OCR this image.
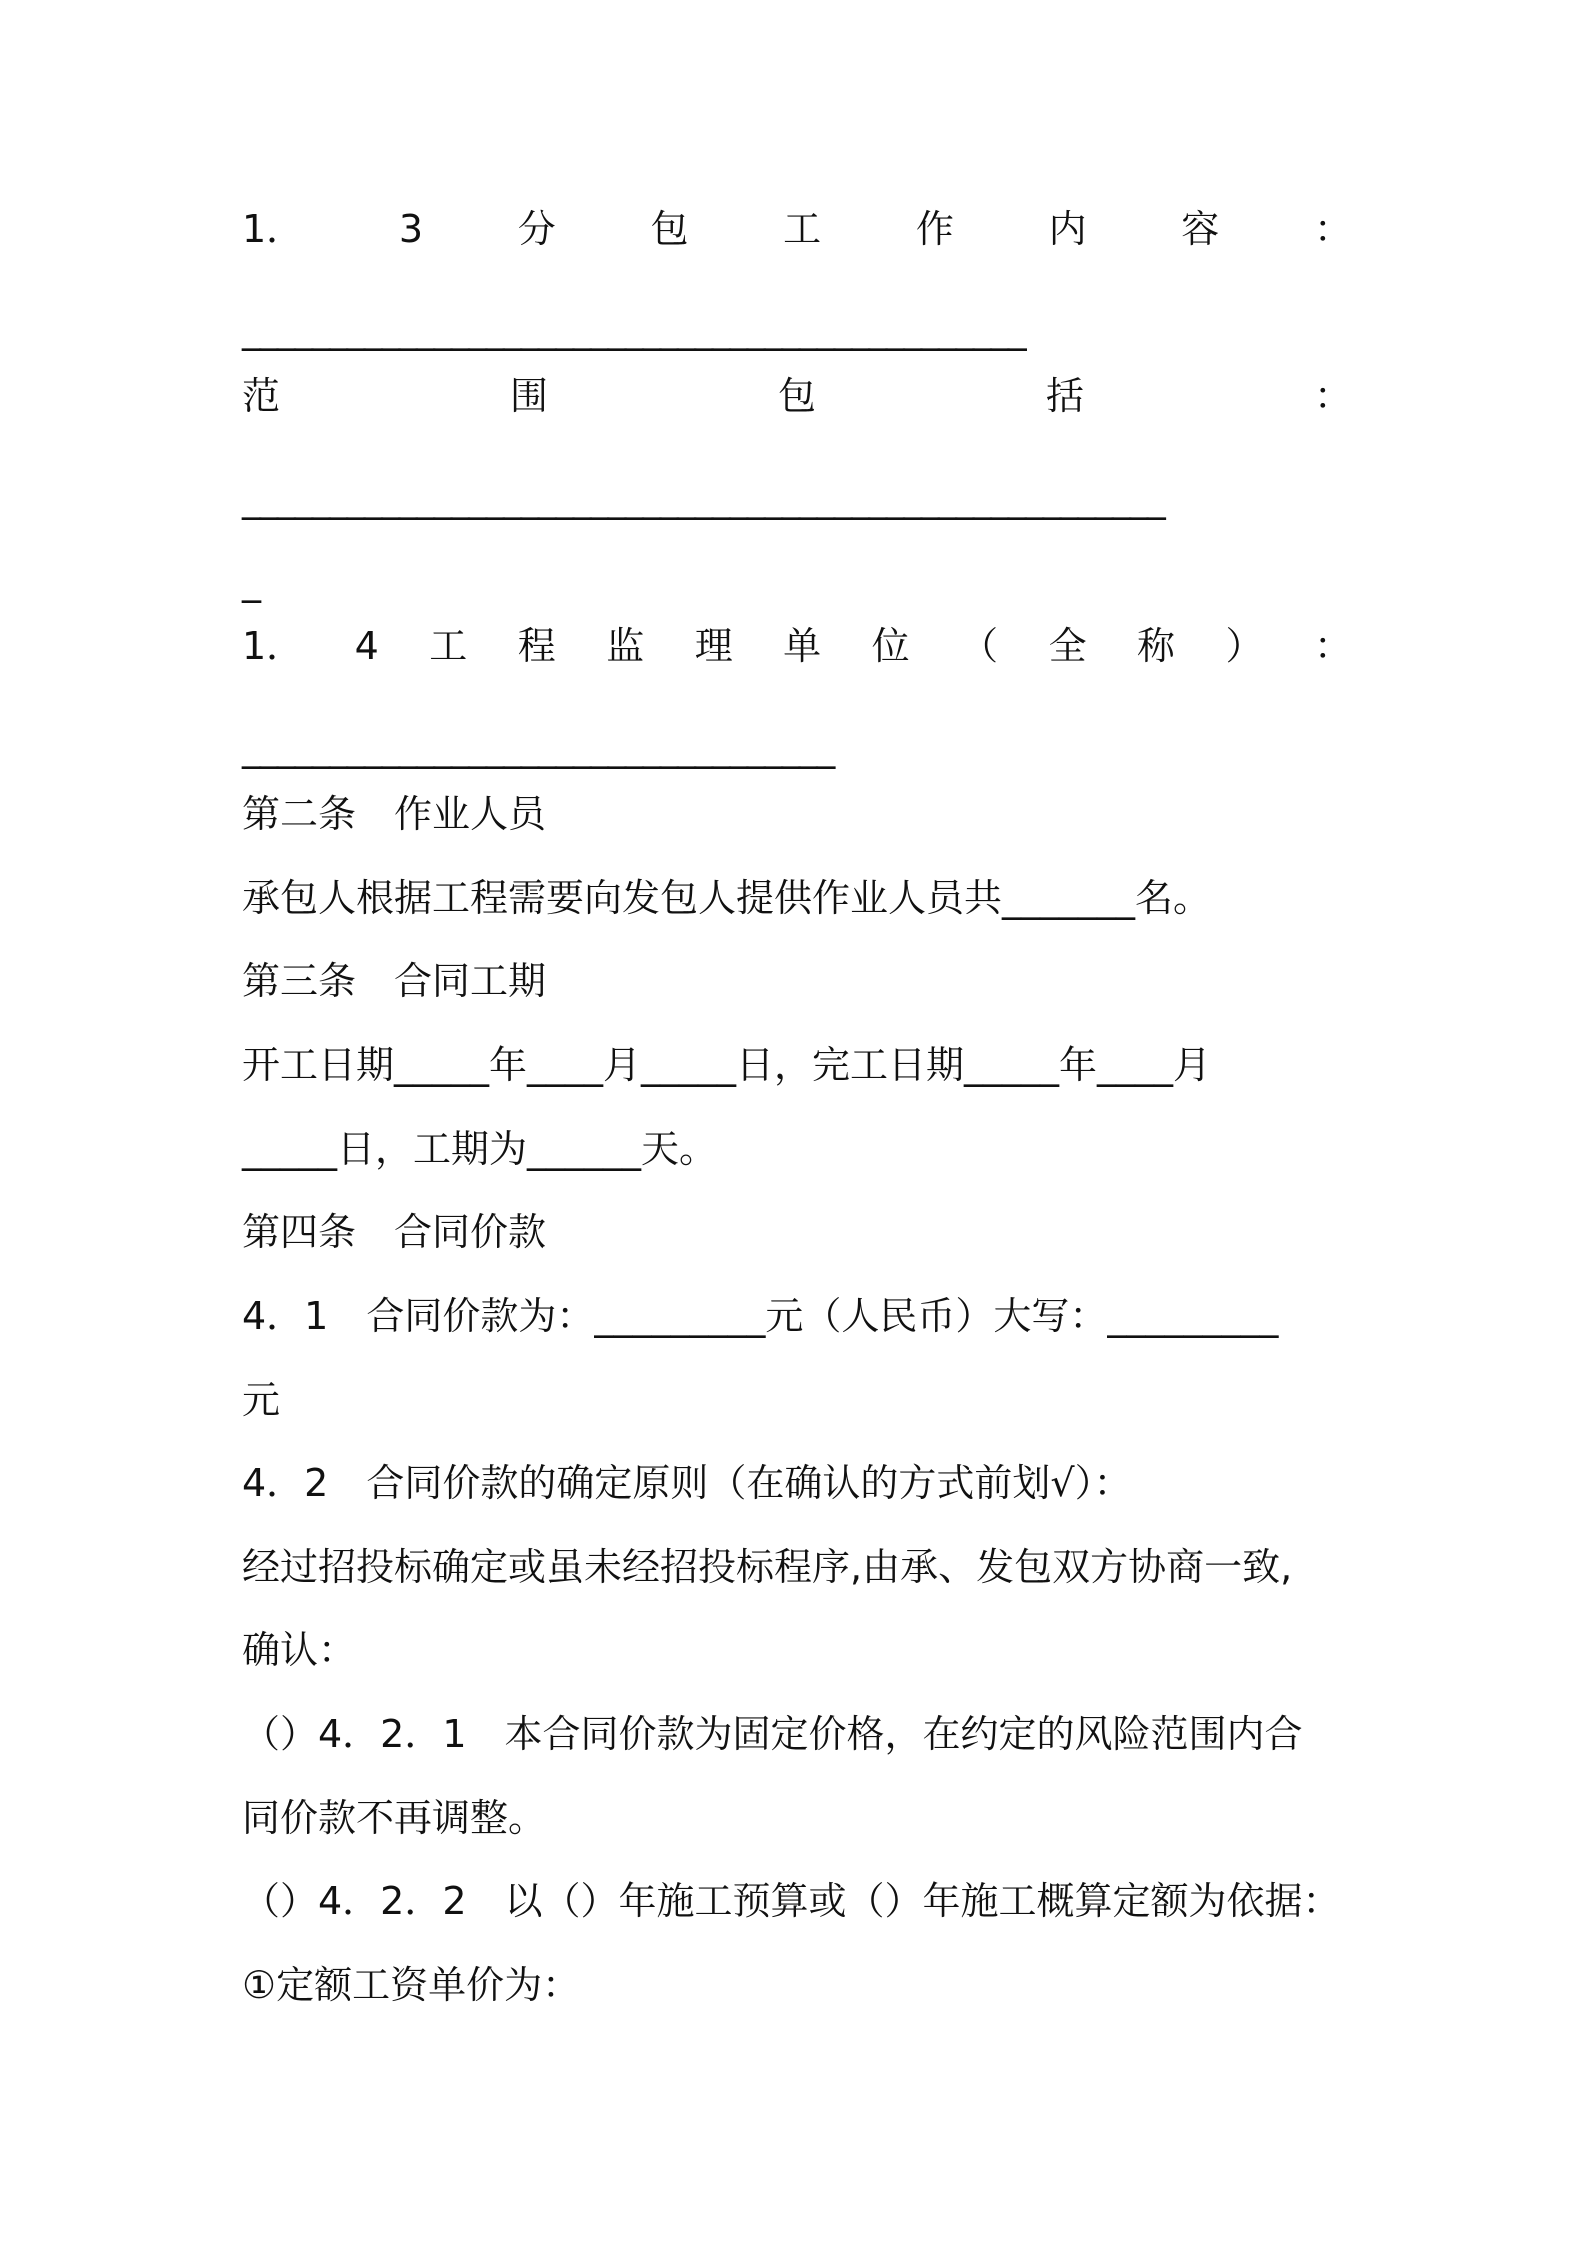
1． 3 分 包 工 作 内 容 ：
_____________________________________________
范	围	包	括	：
_____________________________________________________
_
1． 4 工 程 监 理 单 位 （ 全 称 ） ：
__________________________________
第二条　作业人员
承包人根据工程需要向发包人提供作业人员共_______名。
第三条　合同工期
开工日期_____年____月_____日，完工日期_____年____月
_____日，工期为______天。
第四条　合同价款
4．1　合同价款为：_________元（人民币）大写：_________
元
4．2　合同价款的确定原则（在确认的方式前划√）：
经过招投标确定或虽未经招投标程序,由承、发包双方协商一致,
确认：
（）4．2．1　本合同价款为固定价格，在约定的风险范围内合
同价款不再调整。
（）4．2．2　以（）年施工预算或（）年施工概算定额为依据：
①定额工资单价为：
